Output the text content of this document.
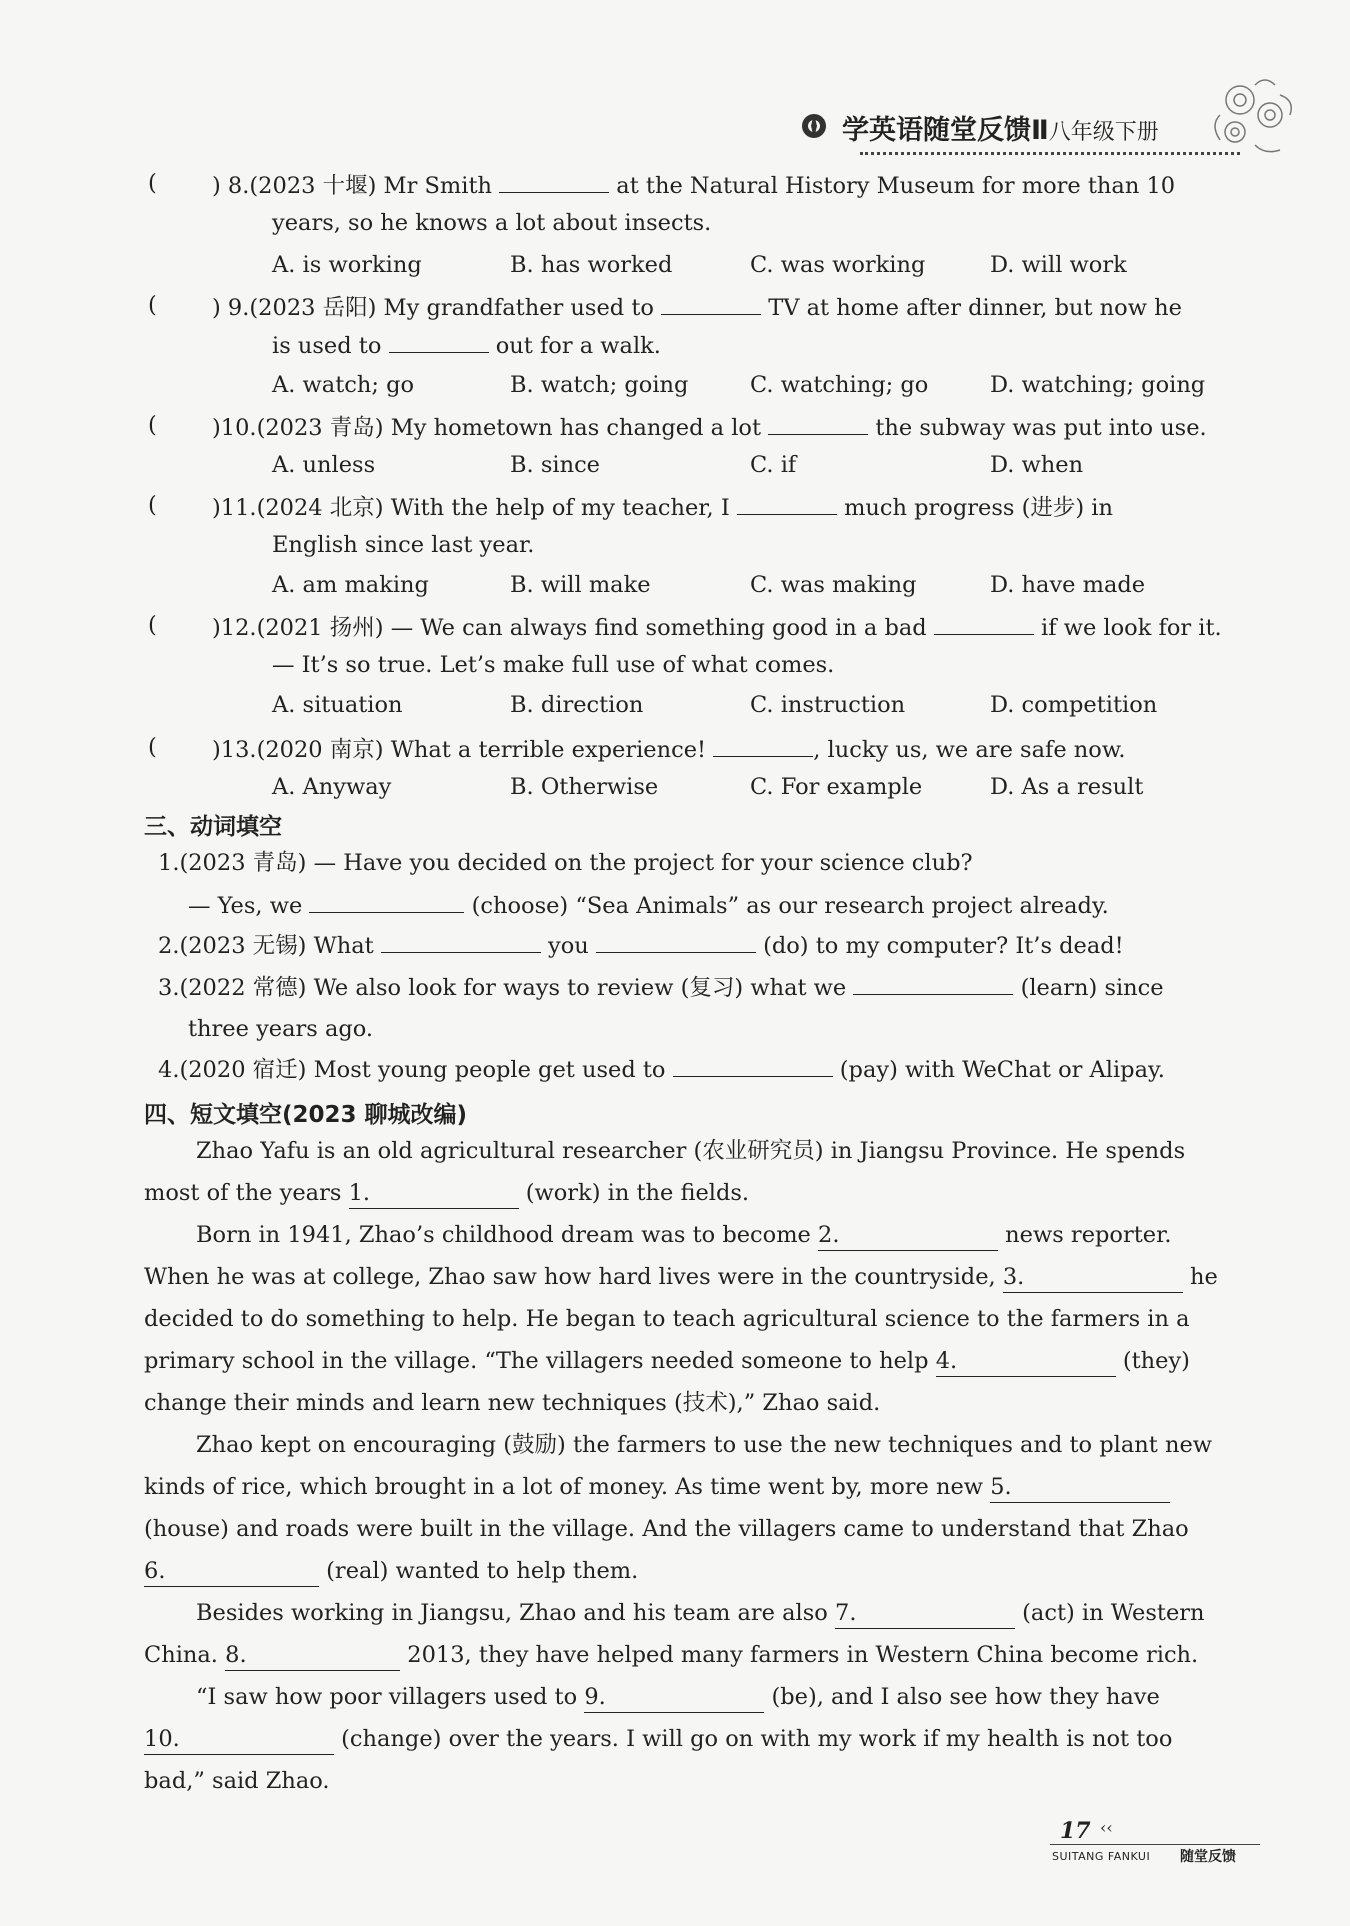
学英语随堂反馈Ⅱ八年级下册
( ) 8.(2023 十堰) Mr Smith	at the Natural History Museum for more than 10
years, so he knows a lot about insects.
A. is working	B. has worked	C. was working	D. will work
( ) 9.(2023 岳阳) My grandfather used to	TV at home after dinner, but now he
is used to	out for a walk.
A. watch; go	B. watch; going	C. watching; go	D. watching; going
( )10.(2023 青岛) My hometown has changed a lot	the subway was put into use.
A. unless	B. since	C. if	D. when
( )11.(2024 北京) With the help of my teacher, I	much progress (进步) in
English since last year.
A. am making	B. will make	C. was making	D. have made
( )12.(2021 扬州) — We can always find something good in a bad	if we look for it.
— It’s so true. Let’s make full use of what comes.
A. situation	B. direction	C. instruction	D. competition
( )13.(2020 南京) What a terrible experience!	, lucky us, we are safe now.
A. Anyway	B. Otherwise	C. For example	D. As a result
三、动词填空
1.(2023 青岛) — Have you decided on the project for your science club?
— Yes, we	(choose) “Sea Animals” as our research project already.
2.(2023 无锡) What	you	(do) to my computer? It’s dead!
3.(2022 常德) We also look for ways to review (复习) what we	(learn) since
three years ago.
4.(2020 宿迁) Most young people get used to	(pay) with WeChat or Alipay.
四、短文填空(2023 聊城改编)
Zhao Yafu is an old agricultural researcher (农业研究员) in Jiangsu Province. He spends
most of the years 1.	(work) in the fields.
Born in 1941, Zhao’s childhood dream was to become 2.	news reporter.
When he was at college, Zhao saw how hard lives were in the countryside, 3.	he
decided to do something to help. He began to teach agricultural science to the farmers in a
primary school in the village. “The villagers needed someone to help 4.	(they)
change their minds and learn new techniques (技术),” Zhao said.
Zhao kept on encouraging (鼓励) the farmers to use the new techniques and to plant new
kinds of rice, which brought in a lot of money. As time went by, more new 5.
(house) and roads were built in the village. And the villagers came to understand that Zhao
6.	(real) wanted to help them.
Besides working in Jiangsu, Zhao and his team are also 7.	(act) in Western
China. 8.	2013, they have helped many farmers in Western China become rich.
“I saw how poor villagers used to 9.	(be), and I also see how they have
10.	(change) over the years. I will go on with my work if my health is not too
bad,” said Zhao.
17 ‹‹
SUITANG FANKUI 随堂反馈
